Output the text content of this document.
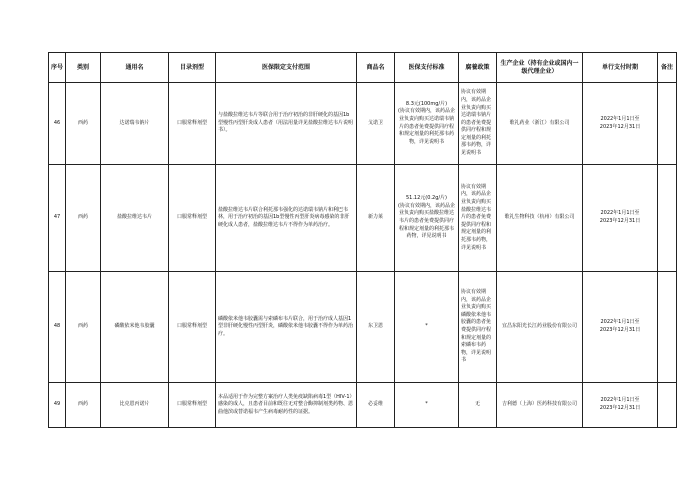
序号	类别	通用名	目录剂型	医保限定支付范围	商品名	医保支付标准	腐養政策	生产企业（持有企业或国内一级代理企业）	单行支付时期	备注
46	西药	达诺瑞韦钠片	口服常释剂型	与盐酸拉维达韦片等联合用于治疗初治的非肝硬化的基因1b型慢性丙型肝炎成人患者（用法用量详见盐酸拉维达韦片说明书）。	戈诺卫	8.3元(100mg/片)
(协议有效期内，该药品企业负责向购买达诺瑞韦钠片的患者免费提供同疗程和规定剂量的利托那韦药物，详见说明书	协议有效期内，该药品企业负责向购买达诺瑞韦钠片的患者免费提供同疗程和规定剂量的利托那韦药物，详见说明书	歌礼药业（浙江）有限公司	2022年1月1日至
2023年12月31日	
47	西药	盐酸拉维达韦片	口服常释剂型	盐酸拉维达韦片联合利托那韦强化的达诺瑞韦钠片和利巴韦林，用于治疗初治的基因1b型慢性丙型肝炎病毒感染的非肝硬化成人患者，盐酸拉维达韦片不得作为单药治疗。	新力莱	51.12元(0.2g/片)
(协议有效期内，该药品企业负责向购买盐酸拉维达韦片的患者免费提供同疗程和规定剂量的利托那韦药物，详见说明书	协议有效期内，该药品企业负责向购买盐酸拉维达韦片的患者免费提供同疗程和规定剂量的利托那韦药物，详见说明书	歌礼生物科技（杭州）有限公司	2022年1月1日至
2023年12月31日	
48	西药	磷酸依米他韦胶囊	口服常释剂型	磷酸依米他韦胶囊需与索磷布韦片联合，用于治疗成人基因1型非肝硬化慢性丙型肝炎，磷酸依米他韦胶囊不得作为单药治疗。	东卫恩	*	协议有效期内，该药品企业负责向购买磷酸依米他韦胶囊的患者免费提供同疗程和规定剂量的索磷布韦药物，详见说明书	宜昌东阳光长江药业股份有限公司	2022年1月1日至
2023年12月31日	
49	西药	比克恩丙诺片	口服常释剂型	本品适用于作为完整方案治疗人类免疫缺陷病毒1型（HIV-1）感染的成人，且患者目前和既往无对整合酶抑制剂类药物、恩曲他滨或替诺福韦产生病毒耐药性的证据。	必妥维	*	无	吉利德（上海）医药科技有限公司	2022年1月1日至
2023年12月31日	
